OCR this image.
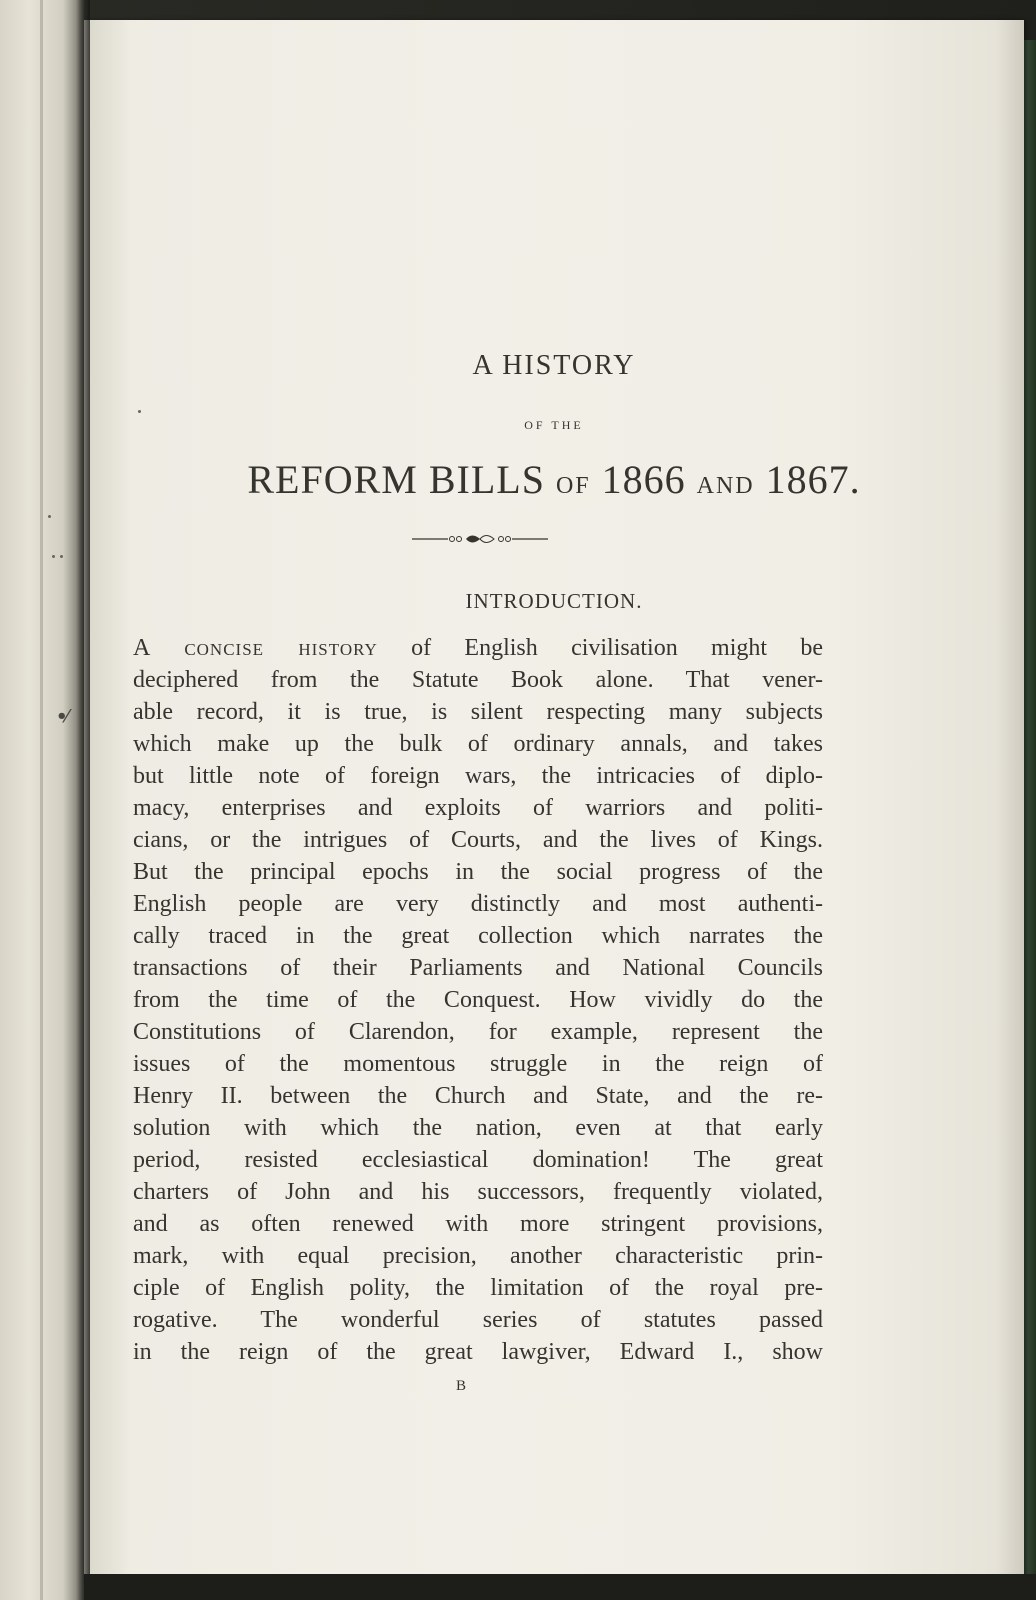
•⁄
A HISTORY
OF THE
REFORM BILLS OF 1866 AND 1867.
INTRODUCTION.
A concise history of English civilisation might be
deciphered from the Statute Book alone. That vener-
able record, it is true, is silent respecting many subjects
which make up the bulk of ordinary annals, and takes
but little note of foreign wars, the intricacies of diplo-
macy, enterprises and exploits of warriors and politi-
cians, or the intrigues of Courts, and the lives of Kings.
But the principal epochs in the social progress of the
English people are very distinctly and most authenti-
cally traced in the great collection which narrates the
transactions of their Parliaments and National Councils
from the time of the Conquest. How vividly do the
Constitutions of Clarendon, for example, represent the
issues of the momentous struggle in the reign of
Henry II. between the Church and State, and the re-
solution with which the nation, even at that early
period, resisted ecclesiastical domination! The great
charters of John and his successors, frequently violated,
and as often renewed with more stringent provisions,
mark, with equal precision, another characteristic prin-
ciple of English polity, the limitation of the royal pre-
rogative. The wonderful series of statutes passed
in the reign of the great lawgiver, Edward I., show
B
